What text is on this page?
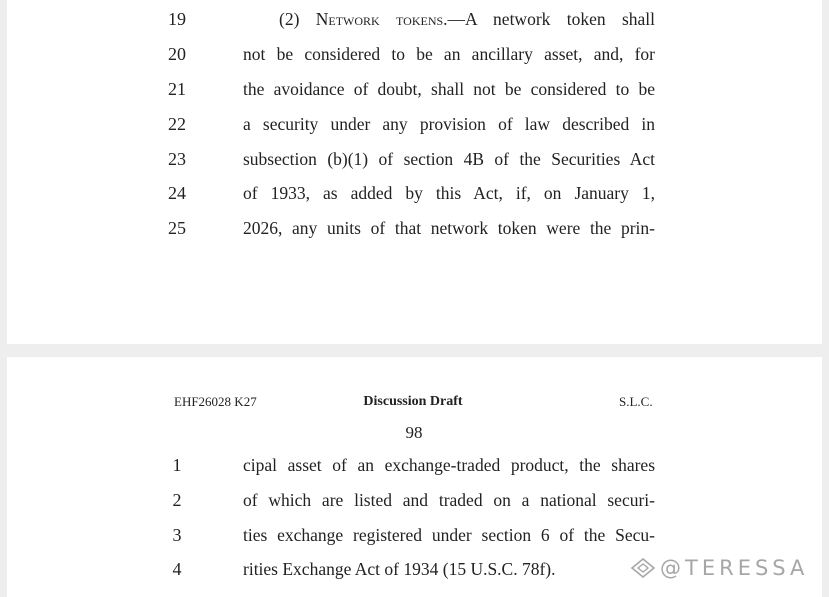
19	(2) Network tokens.—A network token shall
20	not be considered to be an ancillary asset, and, for
21	the avoidance of doubt, shall not be considered to be
22	a security under any provision of law described in
23	subsection (b)(1) of section 4B of the Securities Act
24	of 1933, as added by this Act, if, on January 1,
25	2026, any units of that network token were the prin-
EHF26028 K27	Discussion Draft	S.L.C.
98
1	cipal asset of an exchange-traded product, the shares
2	of which are listed and traded on a national securi-
3	ties exchange registered under section 6 of the Secu-
4	rities Exchange Act of 1934 (15 U.S.C. 78f).	@TERESSA
